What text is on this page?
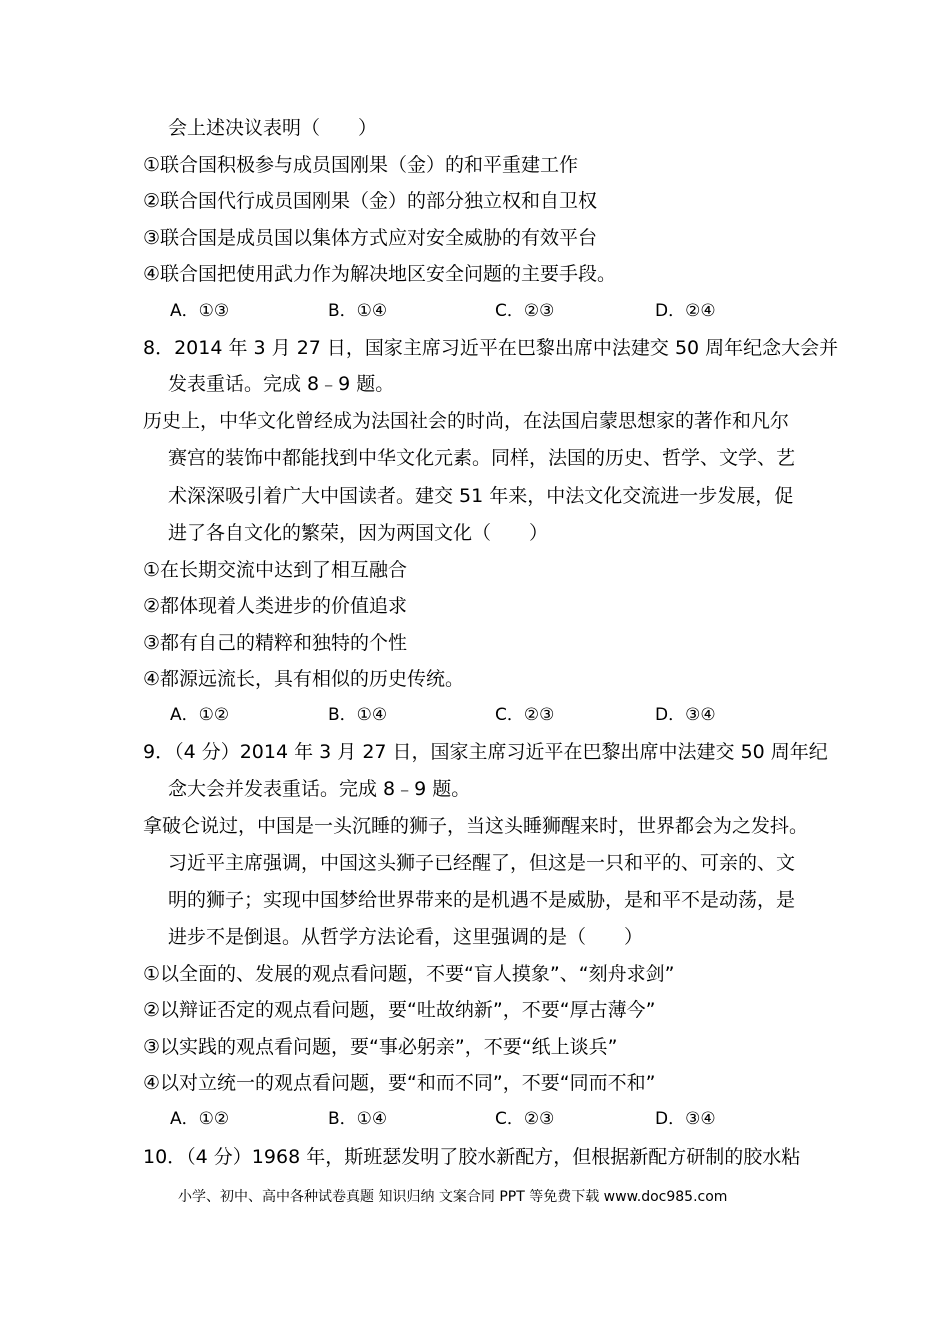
会上述决议表明（　　）
①联合国积极参与成员国刚果（金）的和平重建工作
②联合国代行成员国刚果（金）的部分独立权和自卫权
③联合国是成员国以集体方式应对安全威胁的有效平台
④联合国把使用武力作为解决地区安全问题的主要手段。
A．①③	B．①④	C．②③	D．②④
8．2014 年 3 月 27 日，国家主席习近平在巴黎出席中法建交 50 周年纪念大会并
发表重话。完成 8﹣9 题。
历史上，中华文化曾经成为法国社会的时尚，在法国启蒙思想家的著作和凡尔
赛宫的装饰中都能找到中华文化元素。同样，法国的历史、哲学、文学、艺
术深深吸引着广大中国读者。建交 51 年来，中法文化交流进一步发展，促
进了各自文化的繁荣，因为两国文化（　　）
①在长期交流中达到了相互融合
②都体现着人类进步的价值追求
③都有自己的精粹和独特的个性
④都源远流长，具有相似的历史传统。
A．①②	B．①④	C．②③	D．③④
9．（4 分）2014 年 3 月 27 日，国家主席习近平在巴黎出席中法建交 50 周年纪
念大会并发表重话。完成 8﹣9 题。
拿破仑说过，中国是一头沉睡的狮子，当这头睡狮醒来时，世界都会为之发抖。
习近平主席强调，中国这头狮子已经醒了，但这是一只和平的、可亲的、文
明的狮子；实现中国梦给世界带来的是机遇不是威胁，是和平不是动荡，是
进步不是倒退。从哲学方法论看，这里强调的是（　　）
①以全面的、发展的观点看问题，不要“盲人摸象”、“刻舟求剑”
②以辩证否定的观点看问题，要“吐故纳新”，不要“厚古薄今”
③以实践的观点看问题，要“事必躬亲”，不要“纸上谈兵”
④以对立统一的观点看问题，要“和而不同”，不要“同而不和”
A．①②	B．①④	C．②③	D．③④
10．（4 分）1968 年，斯班瑟发明了胶水新配方，但根据新配方研制的胶水粘
小学、初中、高中各种试卷真题 知识归纳 文案合同 PPT 等免费下载 www.doc985.com
